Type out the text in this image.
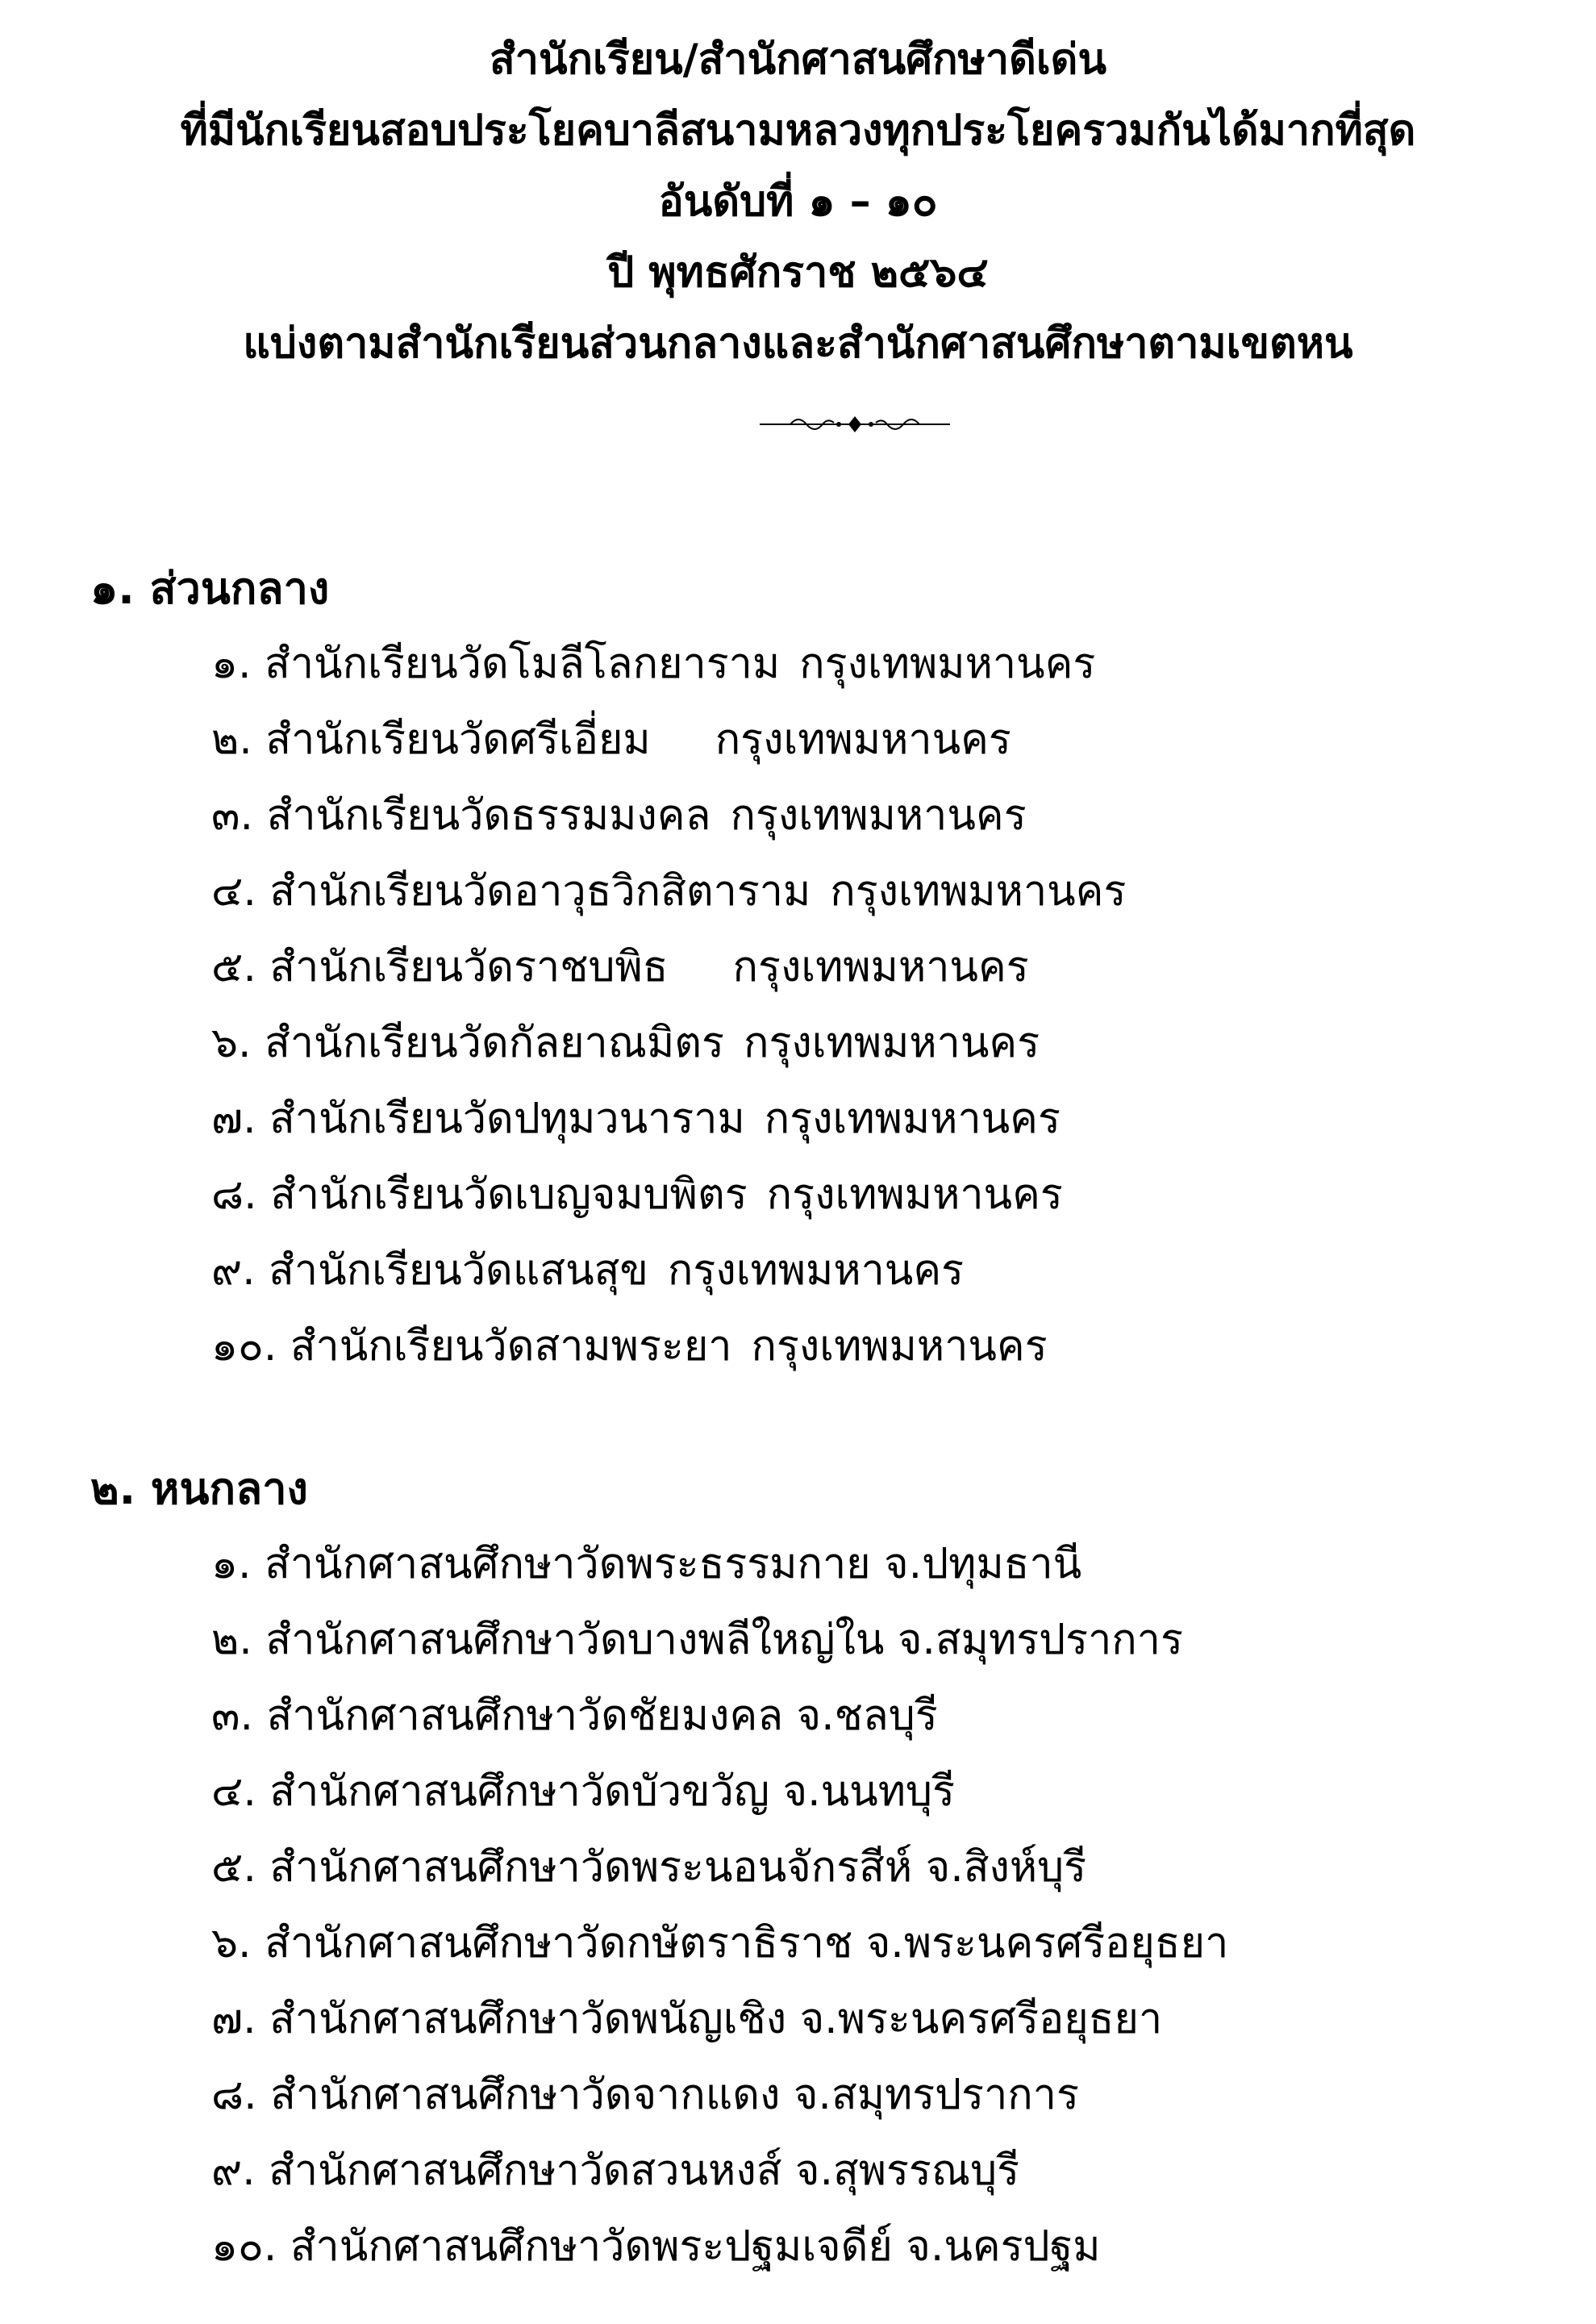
สำนักเรียน/สำนักศาสนศึกษาดีเด่น
ที่มีนักเรียนสอบประโยคบาลีสนามหลวงทุกประโยครวมกันได้มากที่สุด
อันดับที่ ๑ – ๑๐
ปี พุทธศักราช ๒๕๖๔
แบ่งตามสำนักเรียนส่วนกลางและสำนักศาสนศึกษาตามเขตหน
๑. ส่วนกลาง
๑. สำนักเรียนวัดโมลีโลกยาราม กรุงเทพมหานคร
๒. สำนักเรียนวัดศรีเอี่ยม กรุงเทพมหานคร
๓. สำนักเรียนวัดธรรมมงคล กรุงเทพมหานคร
๔. สำนักเรียนวัดอาวุธวิกสิตาราม กรุงเทพมหานคร
๕. สำนักเรียนวัดราชบพิธ กรุงเทพมหานคร
๖. สำนักเรียนวัดกัลยาณมิตร กรุงเทพมหานคร
๗. สำนักเรียนวัดปทุมวนาราม กรุงเทพมหานคร
๘. สำนักเรียนวัดเบญจมบพิตร กรุงเทพมหานคร
๙. สำนักเรียนวัดแสนสุข กรุงเทพมหานคร
๑๐. สำนักเรียนวัดสามพระยา กรุงเทพมหานคร
๒. หนกลาง
๑. สำนักศาสนศึกษาวัดพระธรรมกาย จ.ปทุมธานี
๒. สำนักศาสนศึกษาวัดบางพลีใหญ่ใน จ.สมุทรปราการ
๓. สำนักศาสนศึกษาวัดชัยมงคล จ.ชลบุรี
๔. สำนักศาสนศึกษาวัดบัวขวัญ จ.นนทบุรี
๕. สำนักศาสนศึกษาวัดพระนอนจักรสีห์ จ.สิงห์บุรี
๖. สำนักศาสนศึกษาวัดกษัตราธิราช จ.พระนครศรีอยุธยา
๗. สำนักศาสนศึกษาวัดพนัญเชิง จ.พระนครศรีอยุธยา
๘. สำนักศาสนศึกษาวัดจากแดง จ.สมุทรปราการ
๙. สำนักศาสนศึกษาวัดสวนหงส์ จ.สุพรรณบุรี
๑๐. สำนักศาสนศึกษาวัดพระปฐมเจดีย์ จ.นครปฐม
